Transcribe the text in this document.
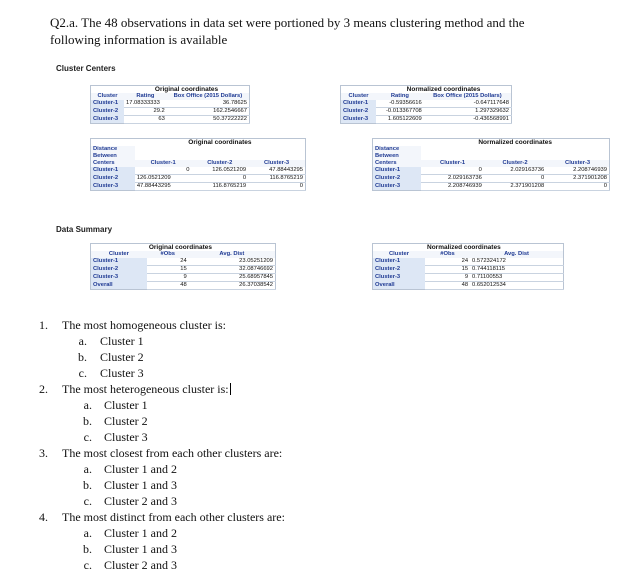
Q2.a. The 48 observations in data set were portioned by 3 means clustering method and the
following information is available
Cluster Centers
	Original coordinates	
Cluster	Rating	Box Office (2015 Dollars)
Cluster-1	17.08333333	36.78625
Cluster-2	29.2	162.2546667
Cluster-3	63	50.37222222
	Normalized coordinates	
Cluster	Rating	Box Office (2015 Dollars)
Cluster-1	-0.59356616	-0.647117648
Cluster-2	-0.013367708	1.297329632
Cluster-3	1.605122609	-0.436568991
	Original coordinates		
Distance			
Between			
Centers	Cluster-1	Cluster-2	Cluster-3
Cluster-1	0	126.0521209	47.88443295
Cluster-2	126.0521209	0	116.8765219
Cluster-3	47.88443295	116.8765219	0
	Normalized coordinates		
Distance			
Between			
Centers	Cluster-1	Cluster-2	Cluster-3
Cluster-1	0	2.029163736	2.208746939
Cluster-2	2.029163736	0	2.371901208
Cluster-3	2.208746939	2.371901208	0
Data Summary
	Original coordinates	
Cluster	#Obs	Avg. Dist
Cluster-1	24	23.05251209
Cluster-2	15	32.08746692
Cluster-3	9	25.68957845
Overall	48	26.37038542
	Normalized coordinates	
Cluster	#Obs	Avg. Dist
Cluster-1	24	0.572324172
Cluster-2	15	0.744118115
Cluster-3	9	0.71100553
Overall	48	0.652012534
1. The most homogeneous cluster is:
a. Cluster 1
b. Cluster 2
c. Cluster 3
2. The most heterogeneous cluster is:
a. Cluster 1
b. Cluster 2
c. Cluster 3
3. The most closest from each other clusters are:
a. Cluster 1 and 2
b. Cluster 1 and 3
c. Cluster 2 and 3
4. The most distinct from each other clusters are:
a. Cluster 1 and 2
b. Cluster 1 and 3
c. Cluster 2 and 3
